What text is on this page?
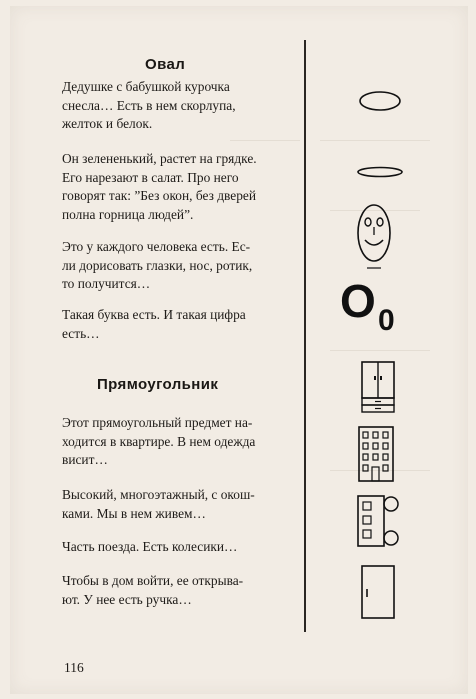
Овал
Дедушке с бабушкой курочка
снесла… Есть в нем скорлупа,
желток и белок.
Он зелененький, растет на грядке.
Его нарезают в салат. Про него
говорят так: ”Без окон, без дверей
полна горница людей”.
Это у каждого человека есть. Ес-
ли дорисовать глазки, нос, ротик,
то получится…
Такая буква есть. И такая цифра
есть…
Прямоугольник
Этот прямоугольный предмет на-
ходится в квартире. В нем одежда
висит…
Высокий, многоэтажный, с окош-
ками. Мы в нем живем…
Часть поезда. Есть колесики…
Чтобы в дом войти, ее открыва-
ют. У нее есть ручка…
O 0
116
